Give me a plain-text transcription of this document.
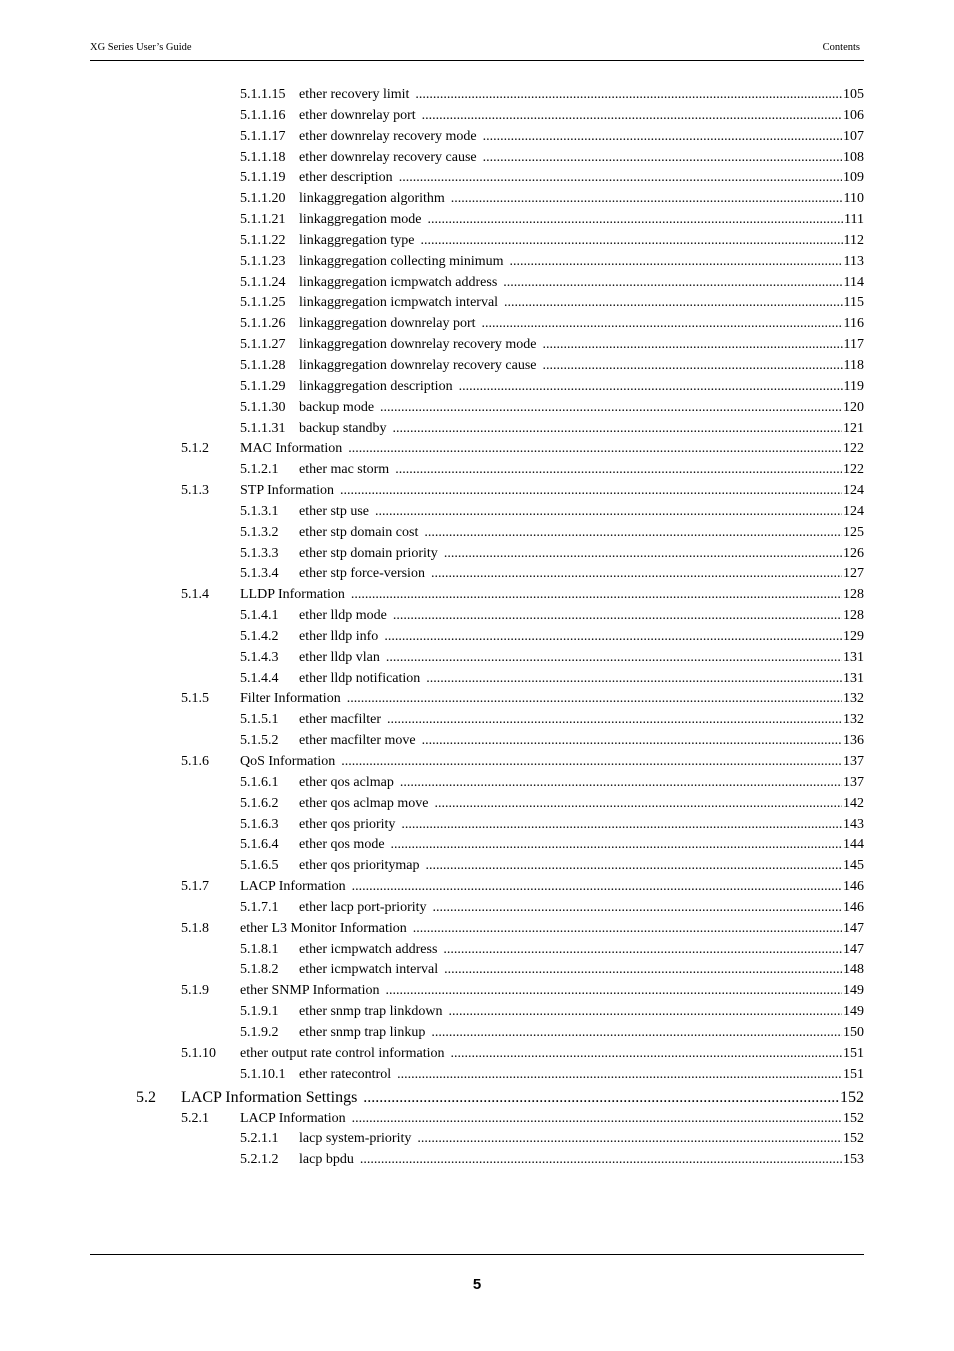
XG Series User’s Guide	Contents
5.1.1.15 ether recovery limit .....	105
5.1.1.16 ether downrelay port .....	106
5.1.1.17 ether downrelay recovery mode .....	107
5.1.1.18 ether downrelay recovery cause .....	108
5.1.1.19 ether description .....	109
5.1.1.20 linkaggregation algorithm .....	110
5.1.1.21 linkaggregation mode .....	111
5.1.1.22 linkaggregation type .....	112
5.1.1.23 linkaggregation collecting minimum .....	113
5.1.1.24 linkaggregation icmpwatch address .....	114
5.1.1.25 linkaggregation icmpwatch interval .....	115
5.1.1.26 linkaggregation downrelay port .....	116
5.1.1.27 linkaggregation downrelay recovery mode .....	117
5.1.1.28 linkaggregation downrelay recovery cause .....	118
5.1.1.29 linkaggregation description .....	119
5.1.1.30 backup mode .....	120
5.1.1.31 backup standby .....	121
5.1.2 MAC Information .....	122
5.1.2.1 ether mac storm .....	122
5.1.3 STP Information .....	124
5.1.3.1 ether stp use .....	124
5.1.3.2 ether stp domain cost .....	125
5.1.3.3 ether stp domain priority .....	126
5.1.3.4 ether stp force-version .....	127
5.1.4 LLDP Information .....	128
5.1.4.1 ether lldp mode .....	128
5.1.4.2 ether lldp info .....	129
5.1.4.3 ether lldp vlan .....	131
5.1.4.4 ether lldp notification .....	131
5.1.5 Filter Information .....	132
5.1.5.1 ether macfilter .....	132
5.1.5.2 ether macfilter move .....	136
5.1.6 QoS Information .....	137
5.1.6.1 ether qos aclmap .....	137
5.1.6.2 ether qos aclmap move .....	142
5.1.6.3 ether qos priority .....	143
5.1.6.4 ether qos mode .....	144
5.1.6.5 ether qos prioritymap .....	145
5.1.7 LACP Information .....	146
5.1.7.1 ether lacp port-priority .....	146
5.1.8 ether L3 Monitor Information .....	147
5.1.8.1 ether icmpwatch address .....	147
5.1.8.2 ether icmpwatch interval .....	148
5.1.9 ether SNMP Information .....	149
5.1.9.1 ether snmp trap linkdown .....	149
5.1.9.2 ether snmp trap linkup .....	150
5.1.10 ether output rate control information .....	151
5.1.10.1 ether ratecontrol .....	151
5.2 LACP Information Settings .....	152
5.2.1 LACP Information .....	152
5.2.1.1 lacp system-priority .....	152
5.2.1.2 lacp bpdu .....	153
5
